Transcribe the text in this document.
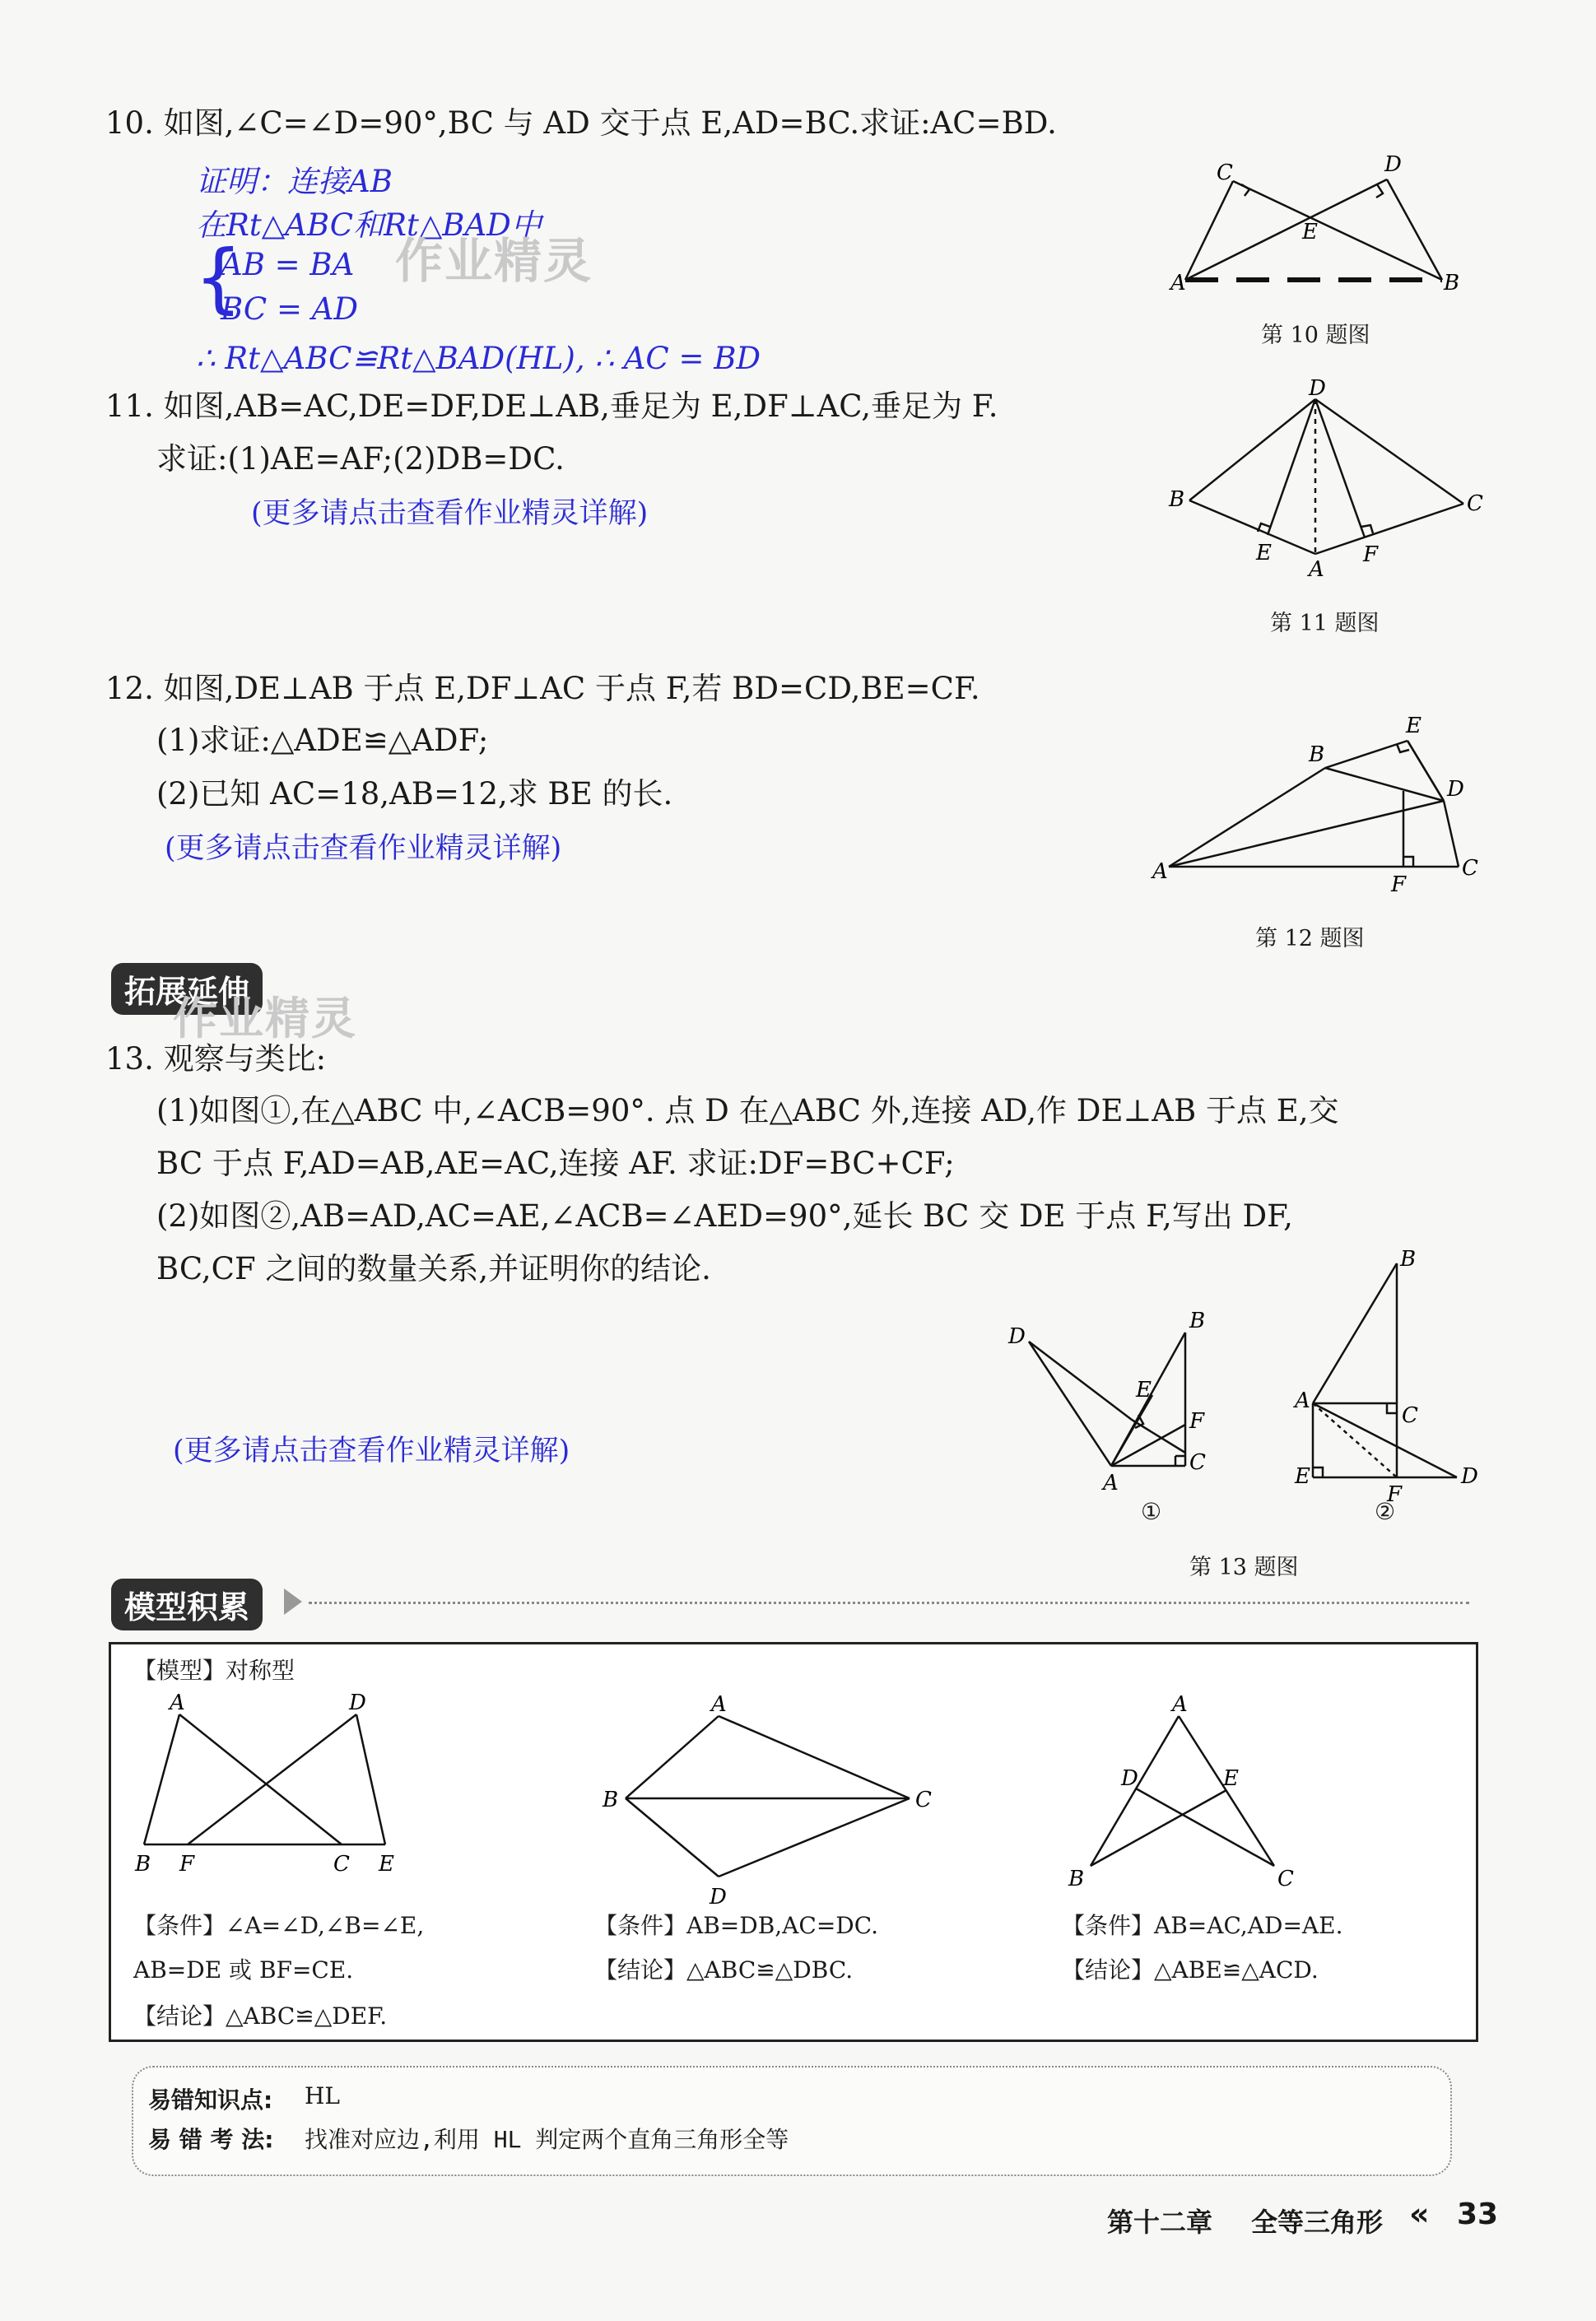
10. 如图,∠C=∠D=90°,BC 与 AD 交于点 E,AD=BC.求证:AC=BD.
证明：连接AB
在Rt△ABC和Rt△BAD中
{
AB = BA
BC = AD
∴ Rt△ABC≌Rt△BAD(HL), ∴ AC = BD
作业精灵	A
C	D
E
B
第 10 题图
11. 如图,AB=AC,DE=DF,DE⊥AB,垂足为 E,DF⊥AC,垂足为 F.
求证:(1)AE=AF;(2)DB=DC.
(更多请点击查看作业精灵详解)
D
B	C
E
A
F
第 11 题图
12. 如图,DE⊥AB 于点 E,DF⊥AC 于点 F,若 BD=CD,BE=CF.
(1)求证:△ADE≌△ADF;
(2)已知 AC=18,AB=12,求 BE 的长.
(更多请点击查看作业精灵详解)
A
B
E
D
C
F
第 12 题图
拓展延伸
作业精灵
13. 观察与类比:
(1)如图①,在△ABC 中,∠ACB=90°. 点 D 在△ABC 外,连接 AD,作 DE⊥AB 于点 E,交
BC 于点 F,AD=AB,AE=AC,连接 AF. 求证:DF=BC+CF;
(2)如图②,AB=AD,AC=AE,∠ACB=∠AED=90°,延长 BC 交 DE 于点 F,写出 DF,
BC,CF 之间的数量关系,并证明你的结论.
(更多请点击查看作业精灵详解)
D
B
E
F
C
A
①
B
A
C
E
F
D
②
第 13 题图
模型积累
【模型】对称型
A	D
B F	C E
【条件】∠A=∠D,∠B=∠E,
AB=DE 或 BF=CE.
【结论】△ABC≌△DEF.
A
B	C
D
【条件】AB=DB,AC=DC.
【结论】△ABC≌△DBC.
A
D	E
B	C
【条件】AB=AC,AD=AE.
【结论】△ABE≌△ACD.
易错知识点: HL
易 错 考 法: 找准对应边,利用 HL 判定两个直角三角形全等
第十二章 全等三角形 « 33
